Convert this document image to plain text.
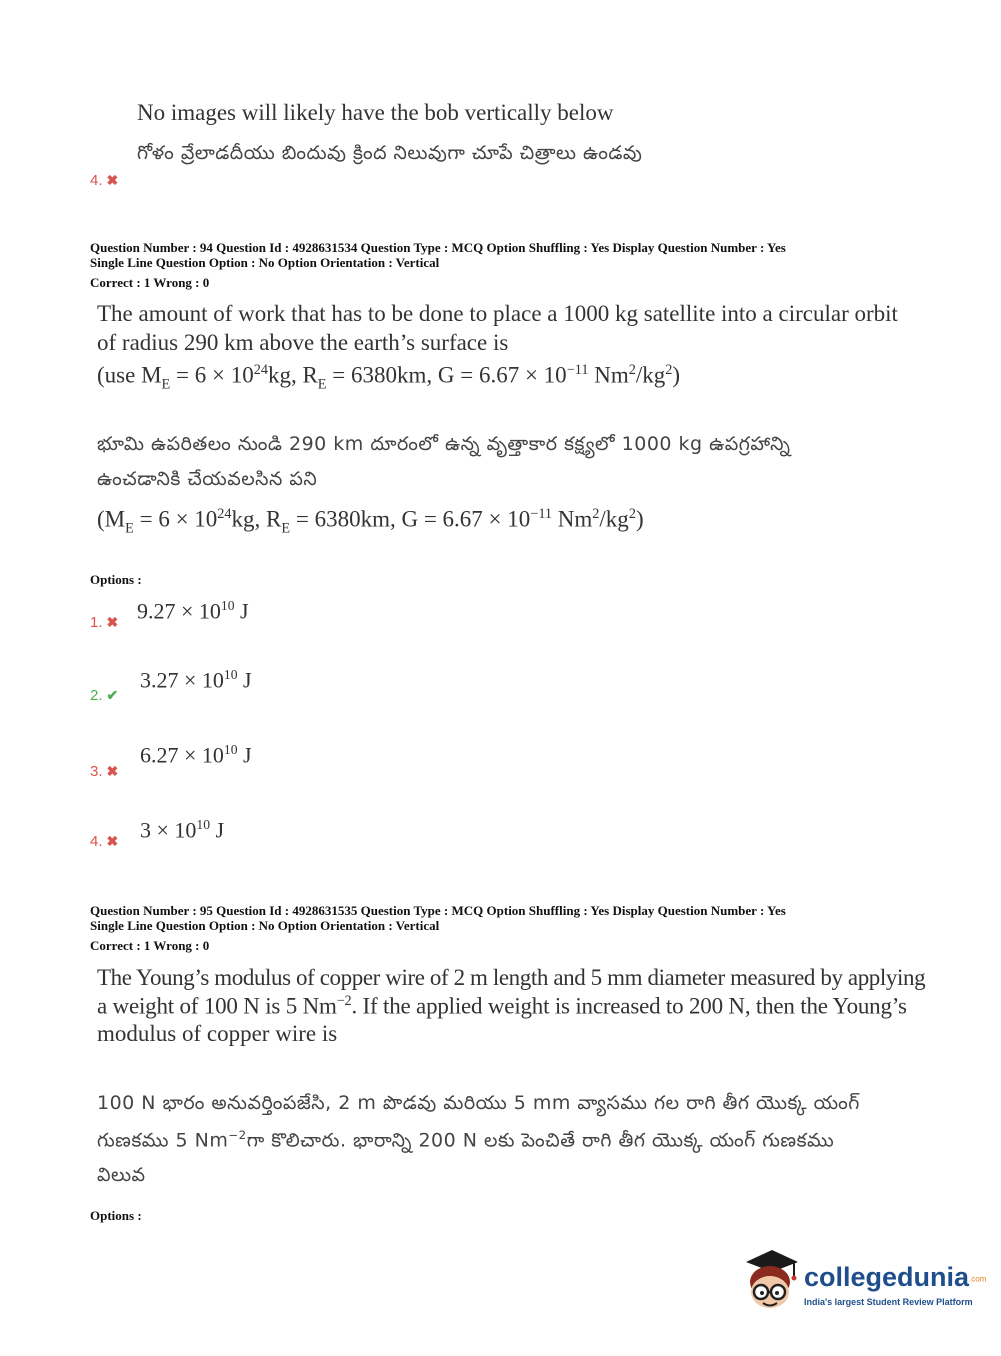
No images will likely have the bob vertically below
గోళం వ్రేలాడదీయు బిందువు క్రింద నిలువుగా చూపే చిత్రాలు ఉండవు
4. ✖
Question Number : 94 Question Id : 4928631534 Question Type : MCQ Option Shuffling : Yes Display Question Number : Yes
Single Line Question Option : No Option Orientation : Vertical
Correct : 1 Wrong : 0
The amount of work that has to be done to place a 1000 kg satellite into a circular orbit
of radius 290 km above the earth’s surface is
(use $M_E = 6 \times 10^{24}kg$, $R_E = 6380km$, $G = 6.67 \times 10^{-11}$ $Nm^2/kg^2$)
భూమి ఉపరితలం నుండి 290 km దూరంలో ఉన్న వృత్తాకార కక్ష్యలో 1000 kg ఉపగ్రహాన్ని
ఉంచడానికి చేయవలసిన పని
($M_E = 6 \times 10^{24}kg$, $R_E = 6380km$, $G = 6.67 \times 10^{-11}$ $Nm^2/kg^2$)
Options :
1. ✖
$9.27 \times 10^{10}$ J
2. ✔
$3.27 \times 10^{10}$ J
3. ✖
$6.27 \times 10^{10}$ J
4. ✖
$3 \times 10^{10}$ J
Question Number : 95 Question Id : 4928631535 Question Type : MCQ Option Shuffling : Yes Display Question Number : Yes
Single Line Question Option : No Option Orientation : Vertical
Correct : 1 Wrong : 0
The Young’s modulus of copper wire of 2 m length and 5 mm diameter measured by applying
a weight of 100 N is 5 $Nm^{-2}$. If the applied weight is increased to 200 N, then the Young’s
modulus of copper wire is
100 N భారం అనువర్తింపజేసి, 2 m పొడవు మరియు 5 mm వ్యాసము గల రాగి తీగ యొక్క యంగ్
గుణకము 5 $Nm^{-2}గా$ కొలిచారు. భారాన్ని 200 N లకు పెంచితే రాగి తీగ యొక్క యంగ్ గుణకము
విలువ
Options :
collegedunia.com
India's largest Student Review Platform
